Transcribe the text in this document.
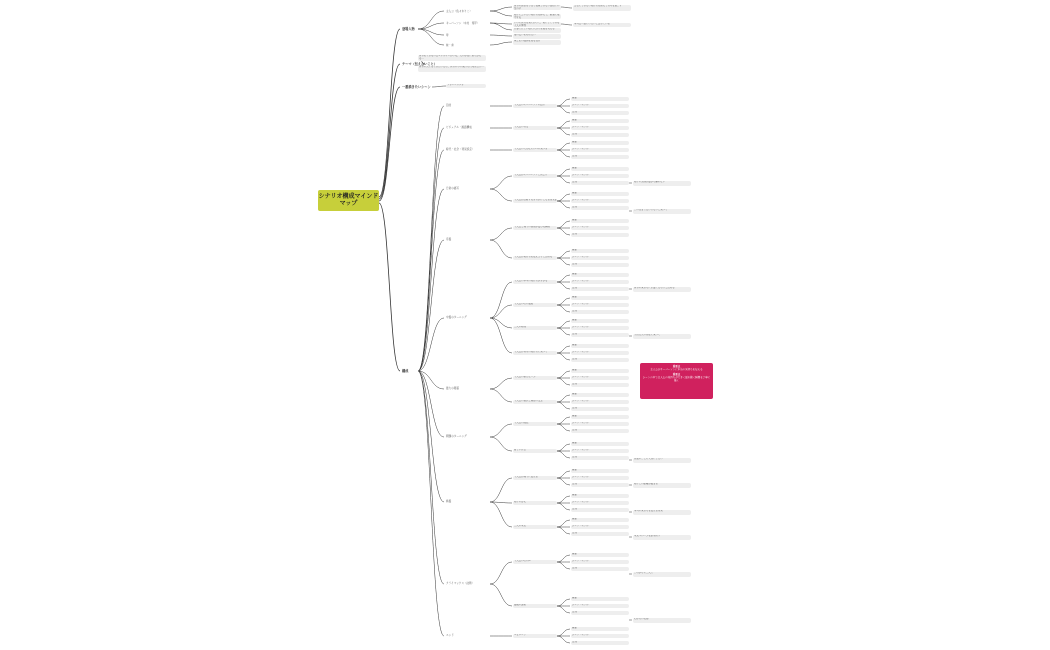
シナリオ構成マインド
マップ
登場人物
テーマ（伝えたいこと）
一番描きたいシーン
構成
自分を生きるのはエネルギーがいる、人の存在に寄り添える…
自分の人生を生きたいなら、自分の中の気持ちに向き合う…
ブラーーカメラ
主人公（佐々木りこ）
キーパーソン（木村　翔平）
母
妹・弟
自分の感情をうまく表現できない高校生の女の子
翔平に会いたい気持ちを抑えて、勉強に集中する
いつも自分を気にかけて、気にしてくれる大人の男性
仕事で忙しい母に代わり家族を支える
母の思いを知らない
妹と弟の面倒を見る毎日
言葉にできない気持ちを抱えて日々を過ごす
本当は一緒にいたいと思っている
目的
ビジュアル・画面構成
時代・社会（背景設定）
日常の描写
序盤
中盤のターニング
最大の葛藤
問題のターニング
終盤
クライマックス（決断）
エンド
主人公のキーパーソンの紹介
主人公の日常
主人公の大切なものへの気づき
主人公がキーパーソンと出会う
主人公が決断するきっかけとなる出来事
主人公と翔平の関係が変わる瞬間
主人公が気持ちを伝えようと決める
主人公の本当の気持ちが分かる
主人公の心の葛藤
二人の時間
主人公が自分の気持ちに気づく
主人公の新たな一歩
主人公の過去と現在の交差
主人公の成長
新しい日常
主人公が翔平に伝える
翔平の答え
二人の未来
主人公の心の声
最後の選択
エピローグ
概要
シーン・モデル
台詞
概要
シーン・モデル
台詞
概要
シーン・モデル
台詞
概要
シーン・モデル
台詞
概要
シーン・モデル
台詞
概要
シーン・モデル
台詞
概要
シーン・モデル
台詞
概要
シーン・モデル
台詞
概要
シーン・モデル
台詞
概要
シーン・モデル
台詞
概要
シーン・モデル
台詞
概要
シーン・モデル
台詞
概要
シーン・モデル
台詞
概要
シーン・モデル
台詞
概要
シーン・モデル
台詞
概要
シーン・モデル
台詞
概要
シーン・モデル
台詞
概要
シーン・モデル
台詞
概要
シーン・モデル
台詞
概要
シーン・モデル
台詞
概要
シーン・モデル
台詞
翔平の笑顔が頭から離れない
このままではいけないと気づく
自分の気持ちに正直になろうと決める
大切な人の存在に気づく
家族のことも大切にしたい
翔平との距離が縮まる
本当の気持ちを伝える勇気
未来への一歩を踏み出す
これからも二人で
心からの笑顔
重要点
主人公がキーパーソンに本当の気持ちを伝える
重要点
シーンの中で主人公の気持ちが大きく揺れ動く瞬間を丁寧に描く
